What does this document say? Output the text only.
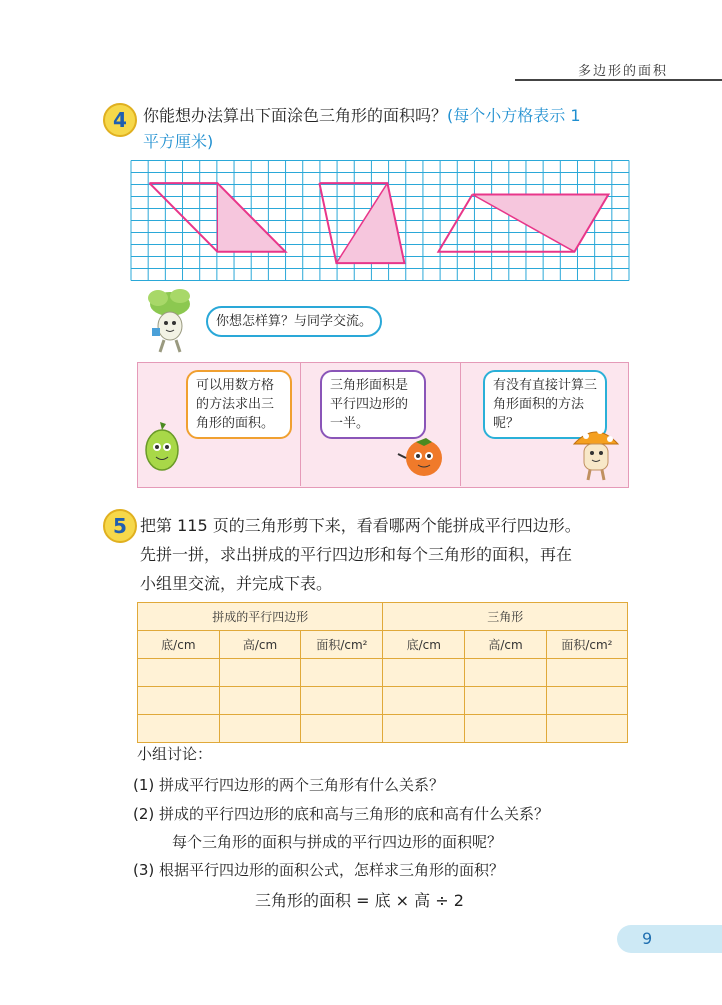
多边形的面积
4 你能想办法算出下面涂色三角形的面积吗？(每个小方格表示 1
平方厘米)
你想怎样算？与同学交流。
可以用数方格的方法求出三角形的面积。
三角形面积是平行四边形的一半。
有没有直接计算三角形面积的方法呢？
5 把第 115 页的三角形剪下来，看看哪两个能拼成平行四边形。
先拼一拼，求出拼成的平行四边形和每个三角形的面积，再在
小组里交流，并完成下表。
拼成的平行四边形			三角形		
底/cm	高/cm	面积/cm²	底/cm	高/cm	面积/cm²

小组讨论：
(1) 拼成平行四边形的两个三角形有什么关系？
(2) 拼成的平行四边形的底和高与三角形的底和高有什么关系？
每个三角形的面积与拼成的平行四边形的面积呢？
(3) 根据平行四边形的面积公式，怎样求三角形的面积？
三角形的面积 = 底 × 高 ÷ 2
9
